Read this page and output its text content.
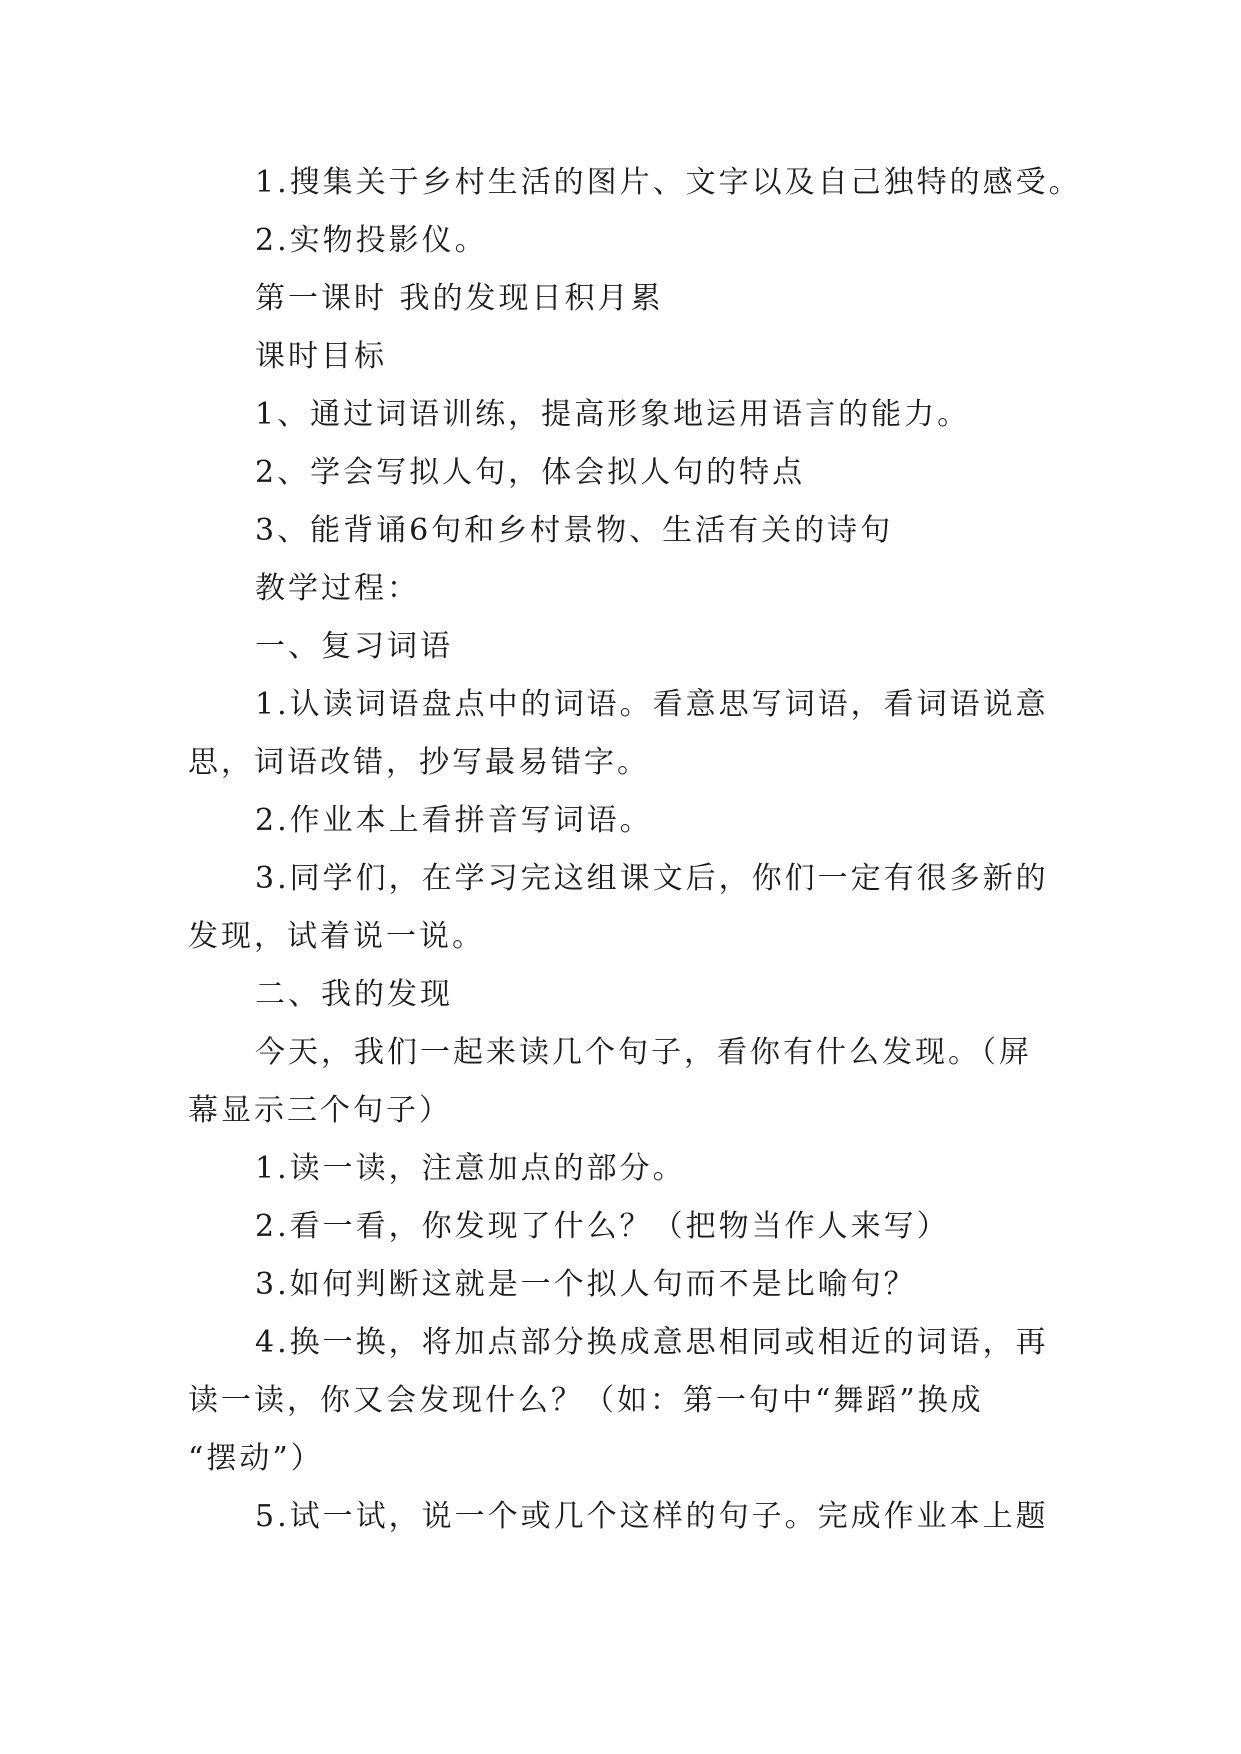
1.搜集关于乡村生活的图片、文字以及自己独特的感受。
2.实物投影仪。
第一课时 我的发现日积月累
课时目标
1、通过词语训练，提高形象地运用语言的能力。
2、学会写拟人句，体会拟人句的特点
3、能背诵6句和乡村景物、生活有关的诗句
教学过程：
一、复习词语
1.认读词语盘点中的词语。看意思写词语，看词语说意
思，词语改错，抄写最易错字。
2.作业本上看拼音写词语。
3.同学们，在学习完这组课文后，你们一定有很多新的
发现，试着说一说。
二、我的发现
今天，我们一起来读几个句子，看你有什么发现。（屏
幕显示三个句子）
1.读一读，注意加点的部分。
2.看一看，你发现了什么？（把物当作人来写）
3.如何判断这就是一个拟人句而不是比喻句？
4.换一换，将加点部分换成意思相同或相近的词语，再
读一读，你又会发现什么？（如：第一句中“舞蹈”换成
“摆动”）
5.试一试，说一个或几个这样的句子。完成作业本上题
